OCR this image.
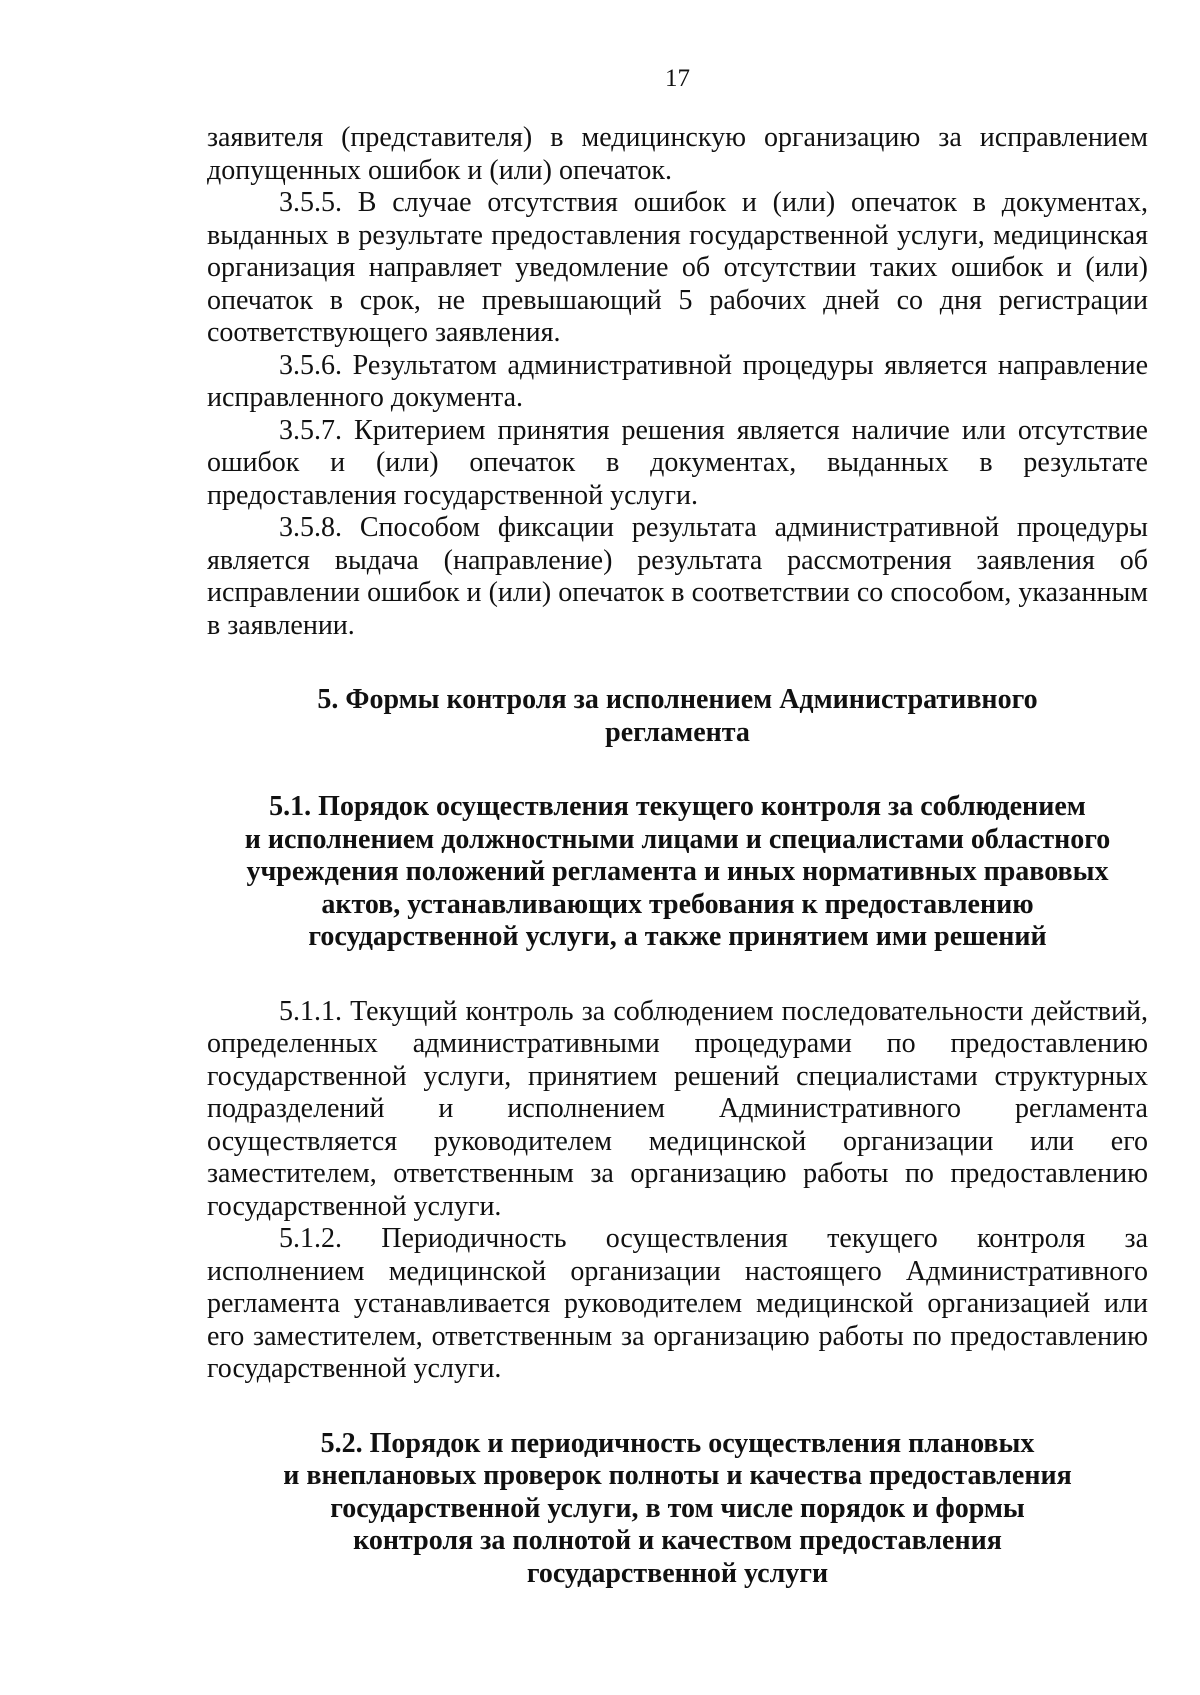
17

заявителя (представителя) в медицинскую организацию за исправлением допущенных ошибок и (или) опечаток.

3.5.5. В случае отсутствия ошибок и (или) опечаток в документах, выданных в результате предоставления государственной услуги, медицинская организация направляет уведомление об отсутствии таких ошибок и (или) опечаток в срок, не превышающий 5 рабочих дней со дня регистрации соответствующего заявления.

3.5.6. Результатом административной процедуры является направление исправленного документа.

3.5.7. Критерием принятия решения является наличие или отсутствие ошибок и (или) опечаток в документах, выданных в результате предоставления государственной услуги.

3.5.8. Способом фиксации результата административной процедуры является выдача (направление) результата рассмотрения заявления об исправлении ошибок и (или) опечаток в соответствии со способом, указанным в заявлении.

5. Формы контроля за исполнением Административного
регламента
5.1. Порядок осуществления текущего контроля за соблюдением
и исполнением должностными лицами и специалистами областного
учреждения положений регламента и иных нормативных правовых
актов, устанавливающих требования к предоставлению
государственной услуги, а также принятием ими решений

5.1.1. Текущий контроль за соблюдением последовательности действий, определенных административными процедурами по предоставлению государственной услуги, принятием решений специалистами структурных подразделений и исполнением Административного регламента осуществляется руководителем медицинской организации или его заместителем, ответственным за организацию работы по предоставлению государственной услуги.

5.1.2. Периодичность осуществления текущего контроля за исполнением медицинской организации настоящего Административного регламента устанавливается руководителем медицинской организацией или его заместителем, ответственным за организацию работы по предоставлению государственной услуги.

5.2. Порядок и периодичность осуществления плановых
и внеплановых проверок полноты и качества предоставления
государственной услуги, в том числе порядок и формы
контроля за полнотой и качеством предоставления
государственной услуги
